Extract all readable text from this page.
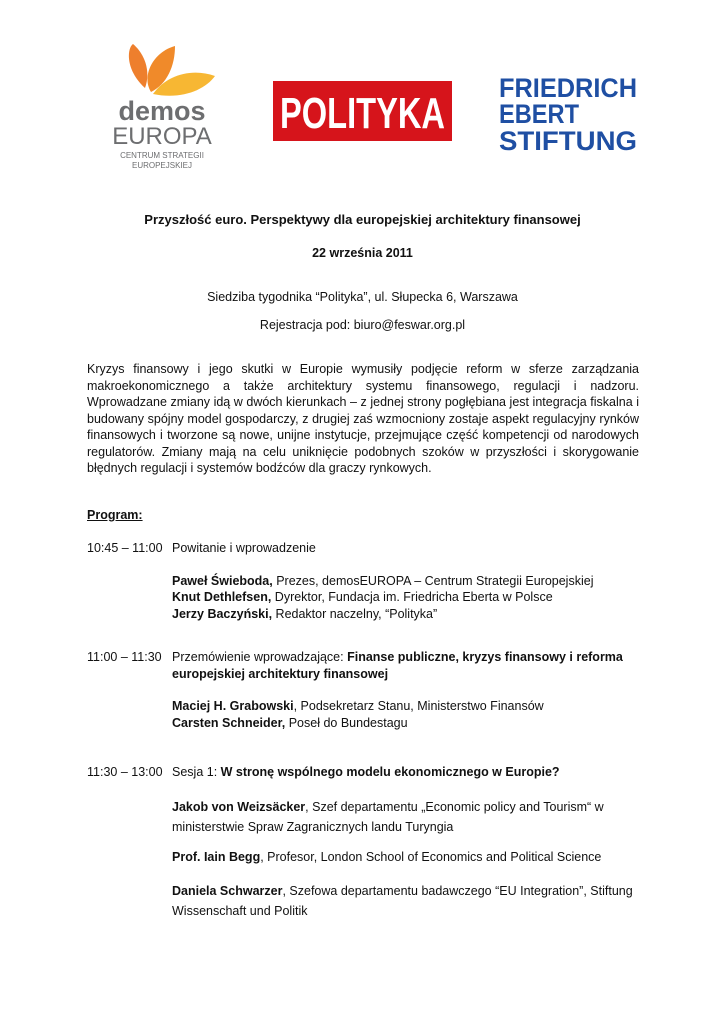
demos
EUROPA
CENTRUM STRATEGII
EUROPEJSKIEJ
POLITYKA
FRIEDRICH
EBERT
STIFTUNG
Przyszłość euro. Perspektywy dla europejskiej architektury finansowej
22 września 2011
Siedziba tygodnika “Polityka”, ul. Słupecka 6, Warszawa
Rejestracja pod: biuro@feswar.org.pl

Kryzys finansowy i jego skutki w Europie wymusiły podjęcie reform w sferze zarządzania makroekonomicznego a także architektury systemu finansowego, regulacji i nadzoru. Wprowadzane zmiany idą w dwóch kierunkach – z jednej strony pogłębiana jest integracja fiskalna i budowany spójny model gospodarczy, z drugiej zaś wzmocniony zostaje aspekt regulacyjny rynków finansowych i tworzone są nowe, unijne instytucje, przejmujące część kompetencji od narodowych regulatorów. Zmiany mają na celu uniknięcie podobnych szoków w przyszłości i skorygowanie błędnych regulacji i systemów bodźców dla graczy rynkowych.

Program:
10:45 – 11:00 Powitanie i wprowadzenie
Paweł Świeboda, Prezes, demosEUROPA – Centrum Strategii Europejskiej
Knut Dethlefsen, Dyrektor, Fundacja im. Friedricha Eberta w Polsce
Jerzy Baczyński, Redaktor naczelny, “Polityka”
11:00 – 11:30 Przemówienie wprowadzające: Finanse publiczne, kryzys finansowy i reforma europejskiej architektury finansowej
Maciej H. Grabowski, Podsekretarz Stanu, Ministerstwo Finansów
Carsten Schneider, Poseł do Bundestagu
11:30 – 13:00 Sesja 1: W stronę wspólnego modelu ekonomicznego w Europie?
Jakob von Weizsäcker, Szef departamentu „Economic policy and Tourism“ w ministerstwie Spraw Zagranicznych landu Turyngia
Prof. Iain Begg, Profesor, London School of Economics and Political Science
Daniela Schwarzer, Szefowa departamentu badawczego “EU Integration”, Stiftung Wissenschaft und Politik
